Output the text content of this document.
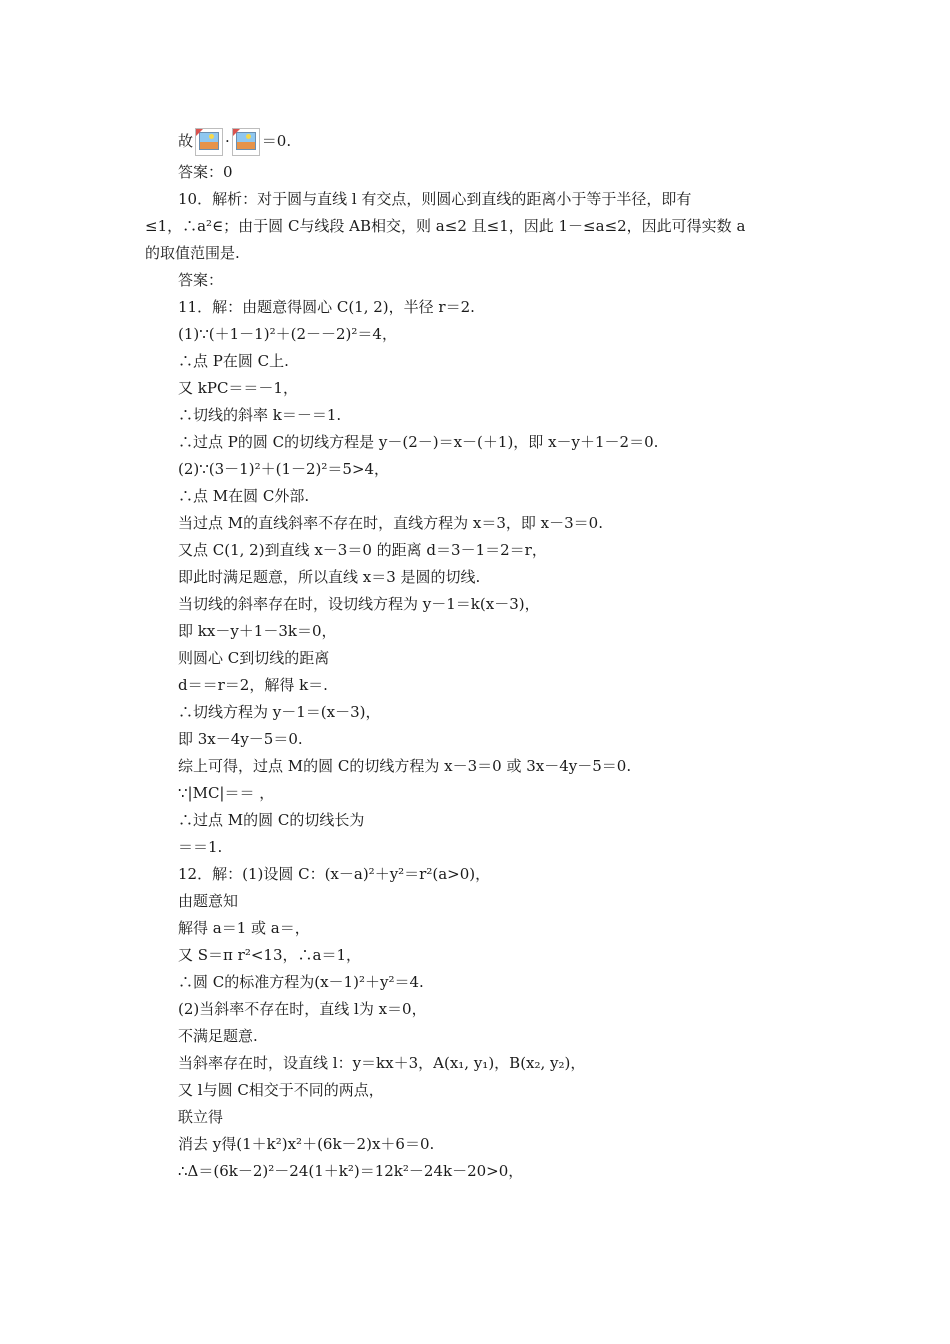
故 · ＝0.
答案：0
10．解析：对于圆与直线 l 有交点，则圆心到直线的距离小于等于半径，即有
≤1，∴a²∈；由于圆 C与线段 AB相交，则 a≤2 且≤1，因此 1－≤a≤2，因此可得实数 a
的取值范围是.
答案：
11．解：由题意得圆心 C(1, 2)，半径 r＝2.
(1)∵(＋1－1)²＋(2－－2)²＝4，
∴点 P在圆 C上.
又 kPC＝＝－1，
∴切线的斜率 k＝－＝1.
∴过点 P的圆 C的切线方程是 y－(2－)＝x－(＋1)，即 x－y＋1－2＝0.
(2)∵(3－1)²＋(1－2)²＝5>4，
∴点 M在圆 C外部.
当过点 M的直线斜率不存在时，直线方程为 x＝3，即 x－3＝0.
又点 C(1, 2)到直线 x－3＝0 的距离 d＝3－1＝2＝r，
即此时满足题意，所以直线 x＝3 是圆的切线.
当切线的斜率存在时，设切线方程为 y－1＝k(x－3)，
即 kx－y＋1－3k＝0，
则圆心 C到切线的距离
d＝＝r＝2，解得 k＝.
∴切线方程为 y－1＝(x－3)，
即 3x－4y－5＝0.
综上可得，过点 M的圆 C的切线方程为 x－3＝0 或 3x－4y－5＝0.
∵|MC|＝＝ ，
∴过点 M的圆 C的切线长为
＝＝1.
12．解：(1)设圆 C：(x－a)²＋y²＝r²(a>0)，
由题意知
解得 a＝1 或 a＝，
又 S＝π r²<13，∴a＝1，
∴圆 C的标准方程为(x－1)²＋y²＝4.
(2)当斜率不存在时，直线 l为 x＝0，
不满足题意.
当斜率存在时，设直线 l：y＝kx＋3，A(x₁, y₁)，B(x₂, y₂)，
又 l与圆 C相交于不同的两点，
联立得
消去 y得(1＋k²)x²＋(6k－2)x＋6＝0.
∴Δ＝(6k－2)²－24(1＋k²)＝12k²－24k－20>0，
